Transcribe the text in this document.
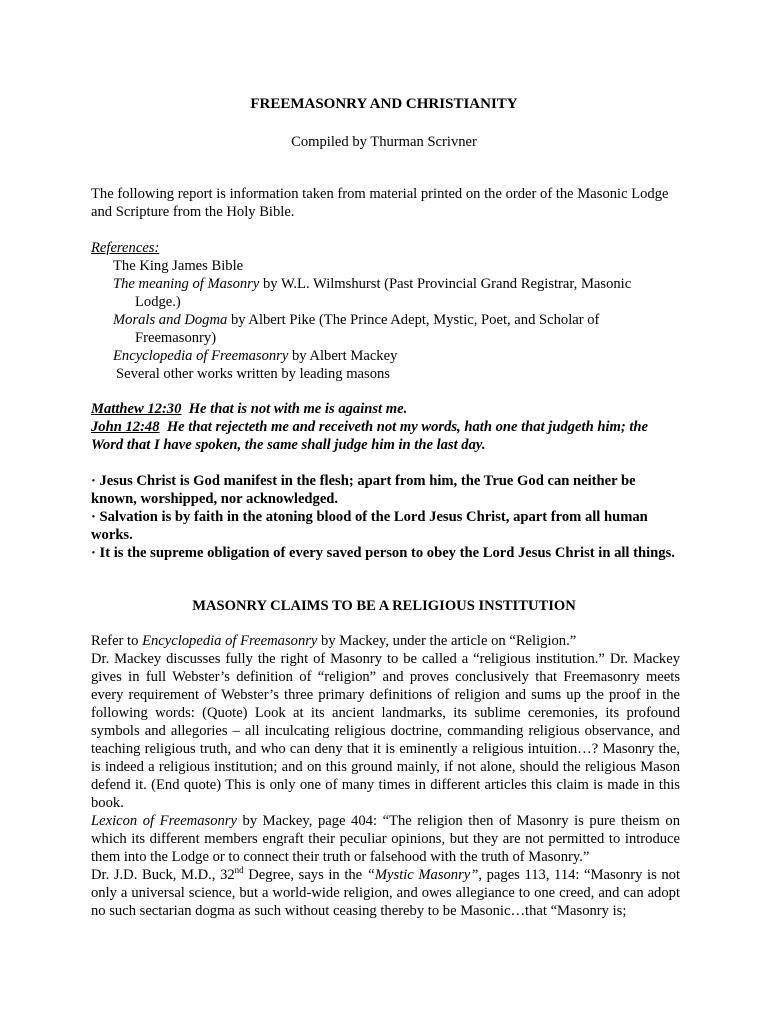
FREEMASONRY AND CHRISTIANITY
Compiled by Thurman Scrivner
The following report is information taken from material printed on the order of the Masonic Lodge and Scripture from the Holy Bible.
References:
The King James Bible
The meaning of Masonry by W.L. Wilmshurst (Past Provincial Grand Registrar, Masonic Lodge.)
Morals and Dogma by Albert Pike (The Prince Adept, Mystic, Poet, and Scholar of Freemasonry)
Encyclopedia of Freemasonry by Albert Mackey
Several other works written by leading masons
Matthew 12:30  He that is not with me is against me.
John 12:48  He that rejecteth me and receiveth not my words, hath one that judgeth him; the Word that I have spoken, the same shall judge him in the last day.
· Jesus Christ is God manifest in the flesh; apart from him, the True God can neither be known, worshipped, nor acknowledged.
· Salvation is by faith in the atoning blood of the Lord Jesus Christ, apart from all human works.
· It is the supreme obligation of every saved person to obey the Lord Jesus Christ in all things.
MASONRY CLAIMS TO BE A RELIGIOUS INSTITUTION

Refer to Encyclopedia of Freemasonry by Mackey, under the article on “Religion.”

Dr. Mackey discusses fully the right of Masonry to be called a “religious institution.” Dr. Mackey gives in full Webster’s definition of “religion” and proves conclusively that Freemasonry meets every requirement of Webster’s three primary definitions of religion and sums up the proof in the following words: (Quote) Look at its ancient landmarks, its sublime ceremonies, its profound symbols and allegories – all inculcating religious doctrine, commanding religious observance, and teaching religious truth, and who can deny that it is eminently a religious intuition…? Masonry the, is indeed a religious institution; and on this ground mainly, if not alone, should the religious Mason defend it. (End quote) This is only one of many times in different articles this claim is made in this book.

Lexicon of Freemasonry by Mackey, page 404: “The religion then of Masonry is pure theism on which its different members engraft their peculiar opinions, but they are not permitted to introduce them into the Lodge or to connect their truth or falsehood with the truth of Masonry.”

Dr. J.D. Buck, M.D., 32nd Degree, says in the “Mystic Masonry”, pages 113, 114: “Masonry is not only a universal science, but a world-wide religion, and owes allegiance to one creed, and can adopt no such sectarian dogma as such without ceasing thereby to be Masonic…that “Masonry is;
